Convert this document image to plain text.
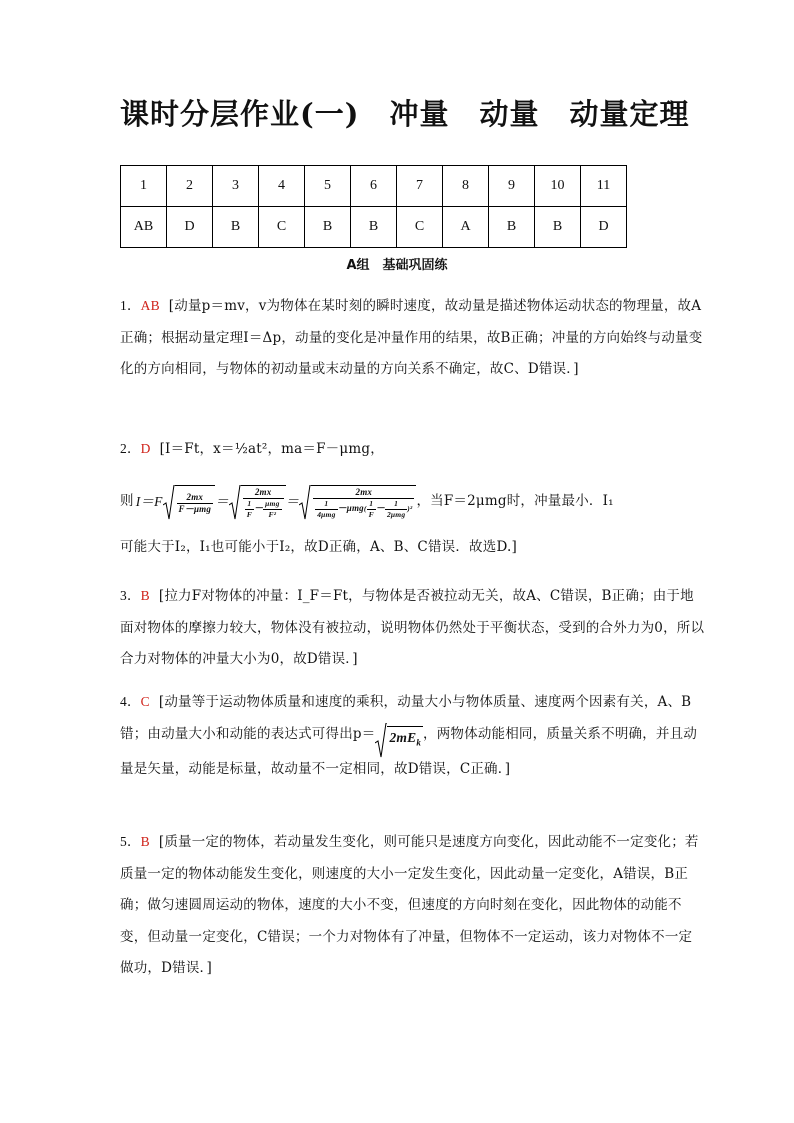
课时分层作业(一)　冲量　动量　动量定理
1	2	3	4	5	6	7	8	9	10	11
AB	D	B	C	B	B	C	A	B	B	D
A组　基础巩固练

1．AB [动量p＝mv，v为物体在某时刻的瞬时速度，故动量是描述物体运动状态的物理量，故A正确；根据动量定理I＝Δp，动量的变化是冲量作用的结果，故B正确；冲量的方向始终与动量变化的方向相同，与物体的初动量或末动量的方向关系不确定，故C、D错误．]

2．D [I＝Ft，x＝½at²，ma＝F－μmg，
则 $I=F \frac{2mx}{\text{F－μmg}} = \frac{2mx}{\frac{1}{F} - \frac{\text{μmg}}{\text{F²}}} = \frac{2mx}{\frac{1}{\text{4μmg}} -\mu mg( \frac{1}{F} - \frac{1}{\text{2μmg}} )^2}$ ，当F＝2μmg时，冲量最小．I₁
可能大于I₂，I₁也可能小于I₂，故D正确，A、B、C错误．故选D.]

3．B [拉力F对物体的冲量：I_F＝Ft，与物体是否被拉动无关，故A、C错误，B正确；由于地面对物体的摩擦力较大，物体没有被拉动，说明物体仍然处于平衡状态，受到的合外力为0，所以合力对物体的冲量大小为0，故D错误．]

4．C [动量等于运动物体质量和速度的乘积，动量大小与物体质量、速度两个因素有关，A、B错；由动量大小和动能的表达式可得出$p= 2mE_k$，两物体动能相同，质量关系不明确，并且动量是矢量，动能是标量，故动量不一定相同，故D错误，C正确．]

5．B [质量一定的物体，若动量发生变化，则可能只是速度方向变化，因此动能不一定变化；若质量一定的物体动能发生变化，则速度的大小一定发生变化，因此动量一定变化，A错误，B正确；做匀速圆周运动的物体，速度的大小不变，但速度的方向时刻在变化，因此物体的动能不变，但动量一定变化，C错误；一个力对物体有了冲量，但物体不一定运动，该力对物体不一定做功，D错误．]
